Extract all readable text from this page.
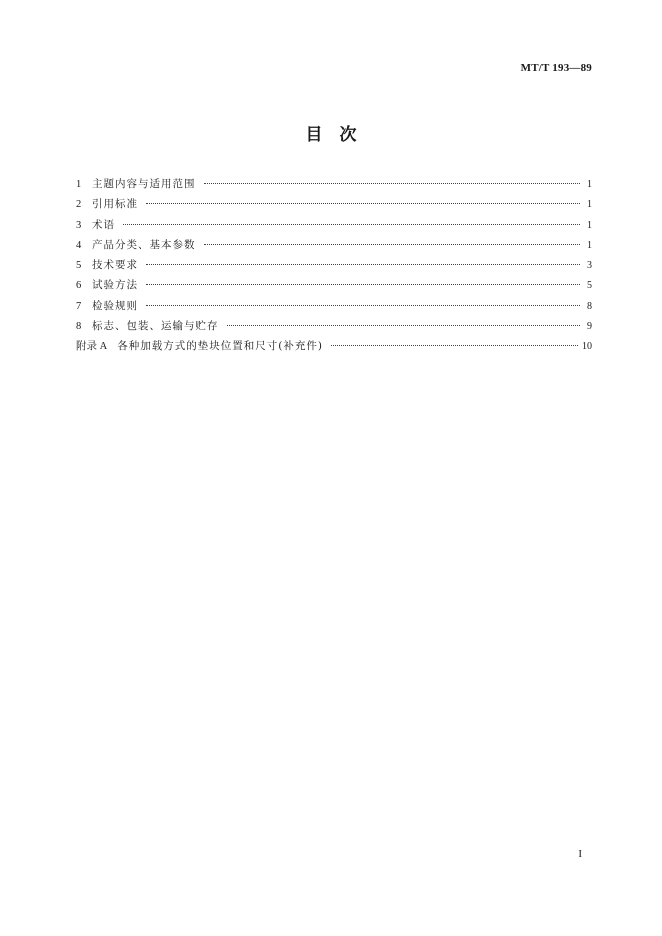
MT/T 193—89
目　次
1	主题内容与适用范围	1
2	引用标准	1
3	术语	1
4	产品分类、基本参数	1
5	技术要求	3
6	试验方法	5
7	检验规则	8
8	标志、包装、运输与贮存	9
附录 A 各种加载方式的垫块位置和尺寸(补充件)	10
I
